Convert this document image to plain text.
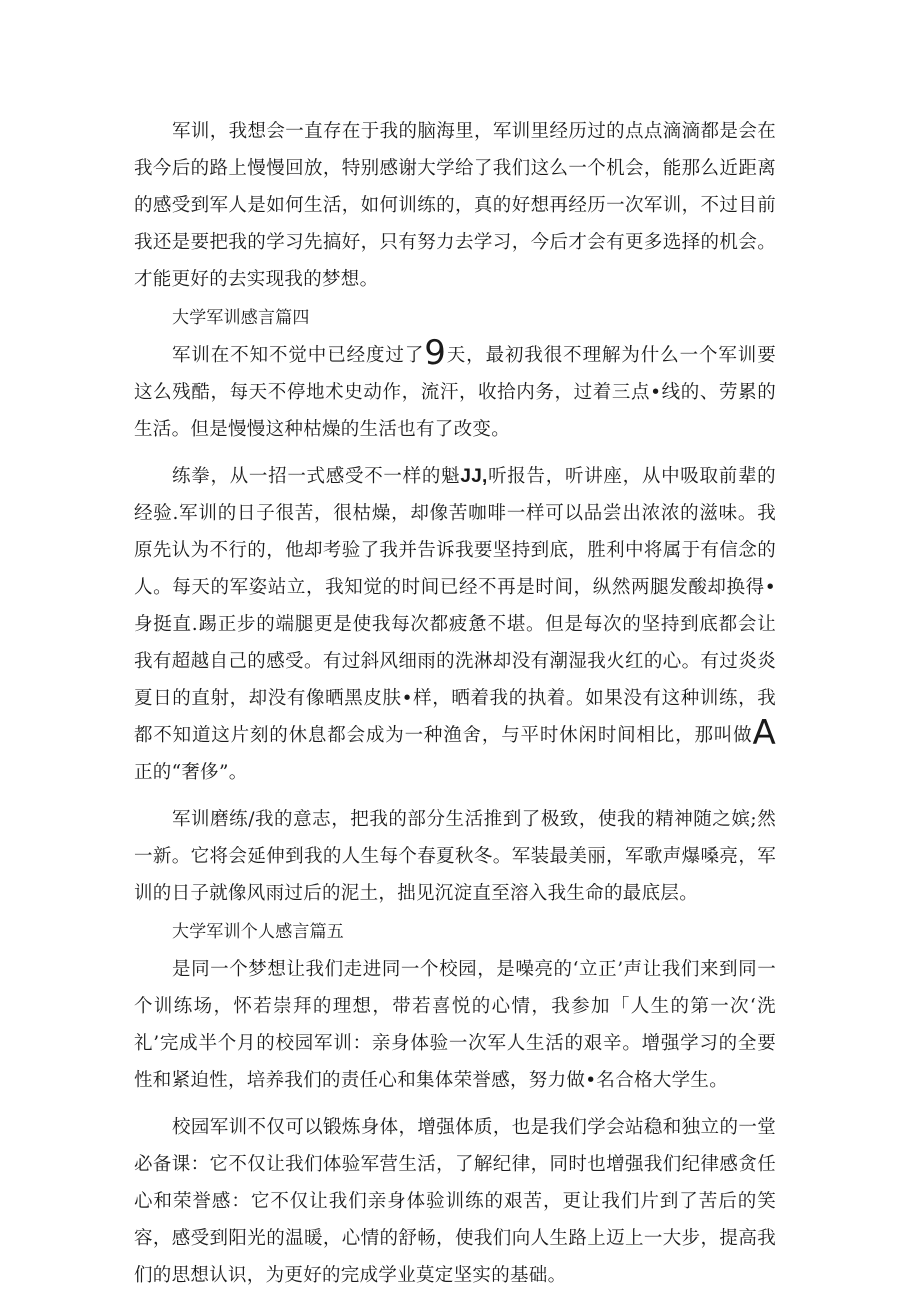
军训，我想会一直存在于我的脑海里，军训里经历过的点点滴滴都是会在我今后的路上慢慢回放，特别感谢大学给了我们这么一个机会，能那么近距离的感受到军人是如何生活，如何训练的，真的好想再经历一次军训，不过目前我还是要把我的学习先搞好，只有努力去学习，今后才会有更多选择的机会。才能更好的去实现我的梦想。

大学军训感言篇四

军训在不知不觉中已经度过了9天，最初我很不理解为什么一个军训要这么残酷，每天不停地术史动作，流汗，收拾内务，过着三点•线的、劳累的生活。但是慢慢这种枯燥的生活也有了改变。

练拳，从一招一式感受不一样的魁JJ,听报告，听讲座，从中吸取前辈的经验.军训的日子很苦，很枯燥，却像苦咖啡一样可以品尝出浓浓的滋味。我原先认为不行的，他却考验了我并告诉我要坚持到底，胜利中将属于有信念的人。每天的军姿站立，我知觉的时间已经不再是时间，纵然两腿发酸却换得•身挺直.踢正步的端腿更是使我每次都疲惫不堪。但是每次的坚持到底都会让我有超越自己的感受。有过斜风细雨的洗淋却没有潮湿我火红的心。有过炎炎夏日的直射，却没有像晒黑皮肤•样，晒着我的执着。如果没有这种训练，我都不知道这片刻的休息都会成为一种渔舍，与平时休闲时间相比，那叫做A正的“奢侈”。

军训磨练/我的意志，把我的部分生活推到了极致，使我的精神随之嫔;然一新。它将会延伸到我的人生每个春夏秋冬。军装最美丽，军歌声爆嗓亮，军训的日子就像风雨过后的泥土，拙见沉淀直至溶入我生命的最底层。

大学军训个人感言篇五

是同一个梦想让我们走进同一个校园，是噪亮的‘立正’声让我们来到同一个训练场，怀若崇拜的理想，带若喜悦的心情，我参加「人生的第一次‘洗礼’完成半个月的校园军训：亲身体验一次军人生活的艰辛。增强学习的全要性和紧迫性，培养我们的责任心和集体荣誉感，努力做•名合格大学生。

校园军训不仅可以锻炼身体，增强体质，也是我们学会站稳和独立的一堂必备课：它不仅让我们体验军营生活，了解纪律，同时也增强我们纪律感贪任心和荣誉感：它不仅让我们亲身体验训练的艰苦，更让我们片到了苦后的笑容，感受到阳光的温暖，心情的舒畅，使我们向人生路上迈上一大步，提高我们的思想认识，为更好的完成学业莫定坚实的基础。
